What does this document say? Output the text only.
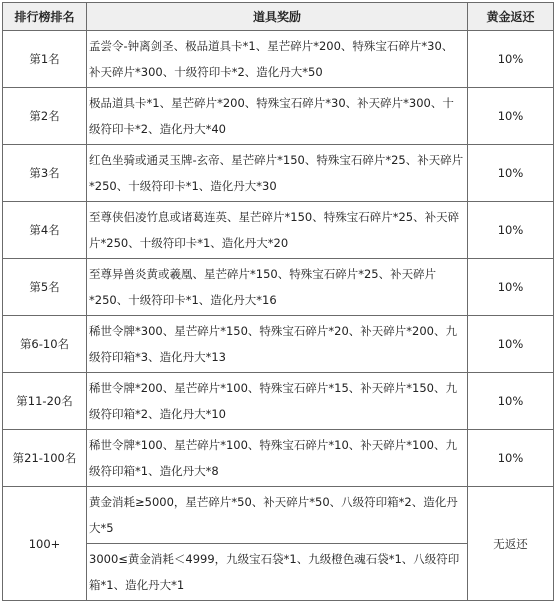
排行榜排名	道具奖励	黄金返还
第1名	孟尝令-钟离剑圣、极品道具卡*1、星芒碎片*200、特殊宝石碎片*30、补天碎片*300、十级符印卡*2、造化丹大*50	10%
第2名	极品道具卡*1、星芒碎片*200、特殊宝石碎片*30、补天碎片*300、十级符印卡*2、造化丹大*40	10%
第3名	红色坐骑或通灵玉牌-玄帝、星芒碎片*150、特殊宝石碎片*25、补天碎片*250、十级符印卡*1、造化丹大*30	10%
第4名	至尊侠侣凌竹息或诸葛连英、星芒碎片*150、特殊宝石碎片*25、补天碎片*250、十级符印卡*1、造化丹大*20	10%
第5名	至尊异兽炎黄或羲凰、星芒碎片*150、特殊宝石碎片*25、补天碎片*250、十级符印卡*1、造化丹大*16	10%
第6-10名	稀世令牌*300、星芒碎片*150、特殊宝石碎片*20、补天碎片*200、九级符印箱*3、造化丹大*13	10%
第11-20名	稀世令牌*200、星芒碎片*100、特殊宝石碎片*15、补天碎片*150、九级符印箱*2、造化丹大*10	10%
第21-100名	稀世令牌*100、星芒碎片*100、特殊宝石碎片*10、补天碎片*100、九级符印箱*1、造化丹大*8	10%
100+	黄金消耗≥5000，星芒碎片*50、补天碎片*50、八级符印箱*2、造化丹大*5	无返还
	3000≤黄金消耗＜4999，九级宝石袋*1、九级橙色魂石袋*1、八级符印箱*1、造化丹大*1	
